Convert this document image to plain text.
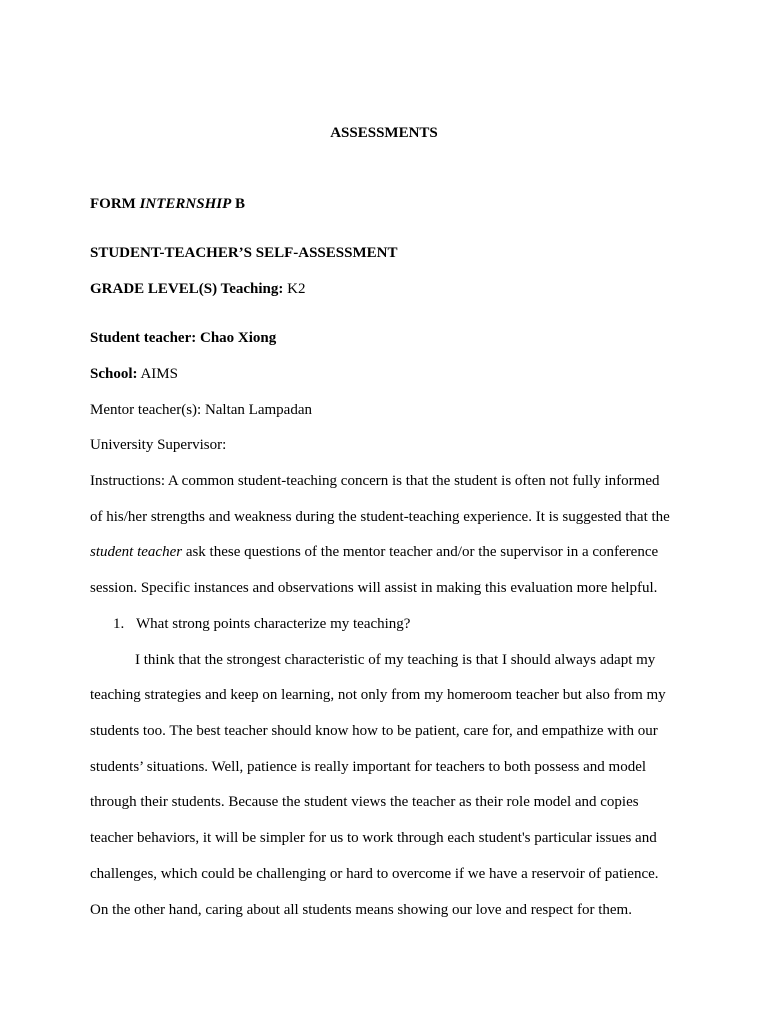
ASSESSMENTS
FORM INTERNSHIP B
STUDENT-TEACHER’S SELF-ASSESSMENT
GRADE LEVEL(S) Teaching: K2
Student teacher: Chao Xiong
School: AIMS
Mentor teacher(s): Naltan Lampadan
University Supervisor:
Instructions: A common student-teaching concern is that the student is often not fully informed
of his/her strengths and weakness during the student-teaching experience. It is suggested that the
student teacher ask these questions of the mentor teacher and/or the supervisor in a conference
session. Specific instances and observations will assist in making this evaluation more helpful.
1. What strong points characterize my teaching?
I think that the strongest characteristic of my teaching is that I should always adapt my
teaching strategies and keep on learning, not only from my homeroom teacher but also from my
students too. The best teacher should know how to be patient, care for, and empathize with our
students’ situations. Well, patience is really important for teachers to both possess and model
through their students. Because the student views the teacher as their role model and copies
teacher behaviors, it will be simpler for us to work through each student's particular issues and
challenges, which could be challenging or hard to overcome if we have a reservoir of patience.
On the other hand, caring about all students means showing our love and respect for them.
